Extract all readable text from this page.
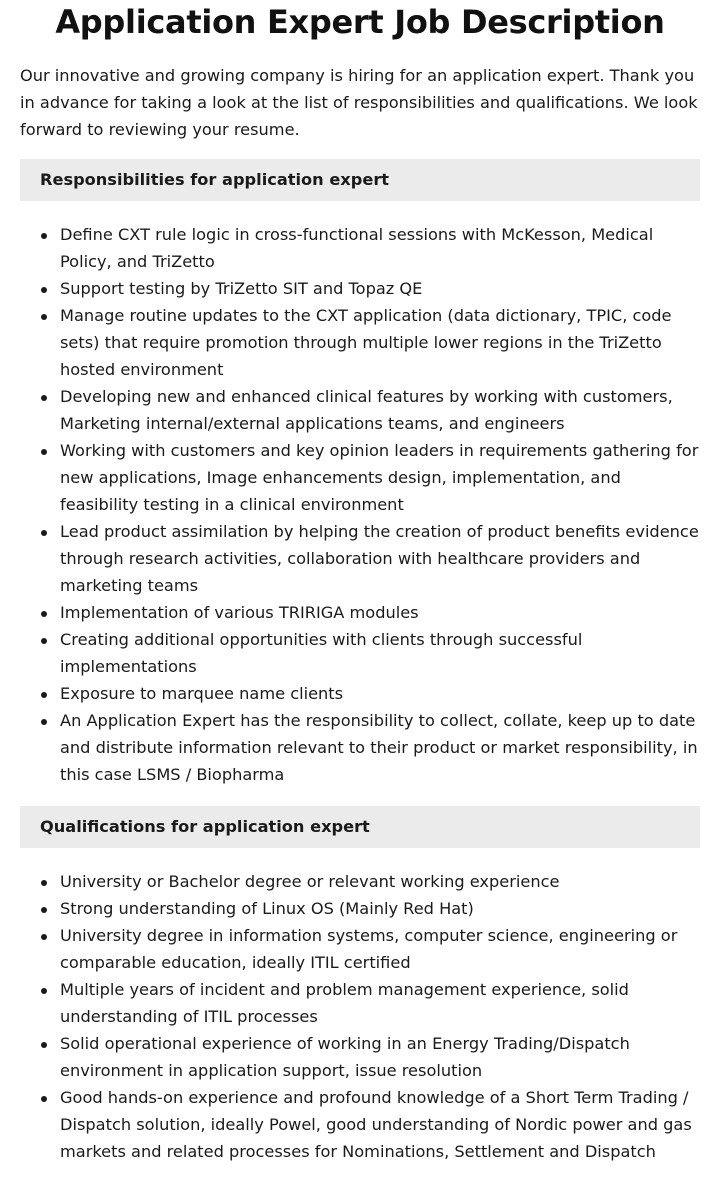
Application Expert Job Description

Our innovative and growing company is hiring for an application expert. Thank you in advance for taking a look at the list of responsibilities and qualifications. We look forward to reviewing your resume.

Responsibilities for application expert
Define CXT rule logic in cross-functional sessions with McKesson, Medical Policy, and TriZetto
Support testing by TriZetto SIT and Topaz QE
Manage routine updates to the CXT application (data dictionary, TPIC, code sets) that require promotion through multiple lower regions in the TriZetto hosted environment
Developing new and enhanced clinical features by working with customers, Marketing internal/external applications teams, and engineers
Working with customers and key opinion leaders in requirements gathering for new applications, Image enhancements design, implementation, and feasibility testing in a clinical environment
Lead product assimilation by helping the creation of product benefits evidence through research activities, collaboration with healthcare providers and marketing teams
Implementation of various TRIRIGA modules
Creating additional opportunities with clients through successful implementations
Exposure to marquee name clients
An Application Expert has the responsibility to collect, collate, keep up to date and distribute information relevant to their product or market responsibility, in this case LSMS / Biopharma
Qualifications for application expert
University or Bachelor degree or relevant working experience
Strong understanding of Linux OS (Mainly Red Hat)
University degree in information systems, computer science, engineering or comparable education, ideally ITIL certified
Multiple years of incident and problem management experience, solid understanding of ITIL processes
Solid operational experience of working in an Energy Trading/Dispatch environment in application support, issue resolution
Good hands-on experience and profound knowledge of a Short Term Trading / Dispatch solution, ideally Powel, good understanding of Nordic power and gas markets and related processes for Nominations, Settlement and Dispatch
